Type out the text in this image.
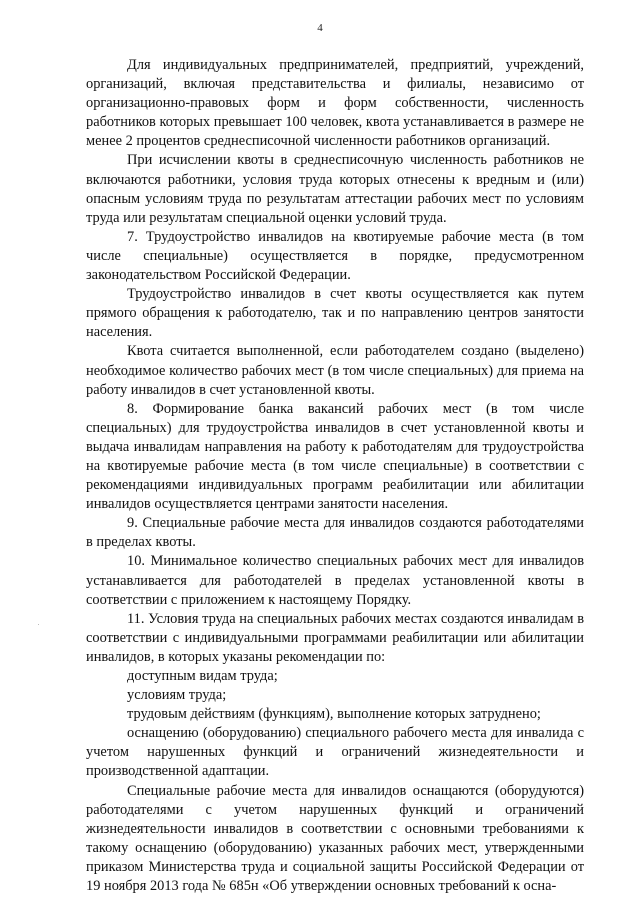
4

Для индивидуальных предпринимателей, предприятий, учреждений, организаций, включая представительства и филиалы, независимо от организационно-правовых форм и форм собственности, численность работников которых превышает 100 человек, квота устанавливается в размере не менее 2 процентов среднесписочной численности работников организаций.

При исчислении квоты в среднесписочную численность работников не включаются работники, условия труда которых отнесены к вредным и (или) опасным условиям труда по результатам аттестации рабочих мест по условиям труда или результатам специальной оценки условий труда.

7. Трудоустройство инвалидов на квотируемые рабочие места (в том числе специальные) осуществляется в порядке, предусмотренном законодательством Российской Федерации.

Трудоустройство инвалидов в счет квоты осуществляется как путем прямого обращения к работодателю, так и по направлению центров занятости населения.

Квота считается выполненной, если работодателем создано (выделено) необходимое количество рабочих мест (в том числе специальных) для приема на работу инвалидов в счет установленной квоты.

8. Формирование банка вакансий рабочих мест (в том числе специальных) для трудоустройства инвалидов в счет установленной квоты и выдача инвалидам направления на работу к работодателям для трудоустройства на квотируемые рабочие места (в том числе специальные) в соответствии с рекомендациями индивидуальных программ реабилитации или абилитации инвалидов осуществляется центрами занятости населения.

9. Специальные рабочие места для инвалидов создаются работодателями в пределах квоты.

10. Минимальное количество специальных рабочих мест для инвалидов устанавливается для работодателей в пределах установленной квоты в соответствии с приложением к настоящему Порядку.

11. Условия труда на специальных рабочих местах создаются инвалидам в соответствии с индивидуальными программами реабилитации или абилитации инвалидов, в которых указаны рекомендации по:

доступным видам труда;

условиям труда;

трудовым действиям (функциям), выполнение которых затруднено;

оснащению (оборудованию) специального рабочего места для инвалида с учетом нарушенных функций и ограничений жизнедеятельности и производственной адаптации.

Специальные рабочие места для инвалидов оснащаются (оборудуются) работодателями с учетом нарушенных функций и ограничений жизнедеятельности инвалидов в соответствии с основными требованиями к такому оснащению (оборудованию) указанных рабочих мест, утвержденными приказом Министерства труда и социальной защиты Российской Федерации от 19 ноября 2013 года № 685н «Об утверждении основных требований к осна-
